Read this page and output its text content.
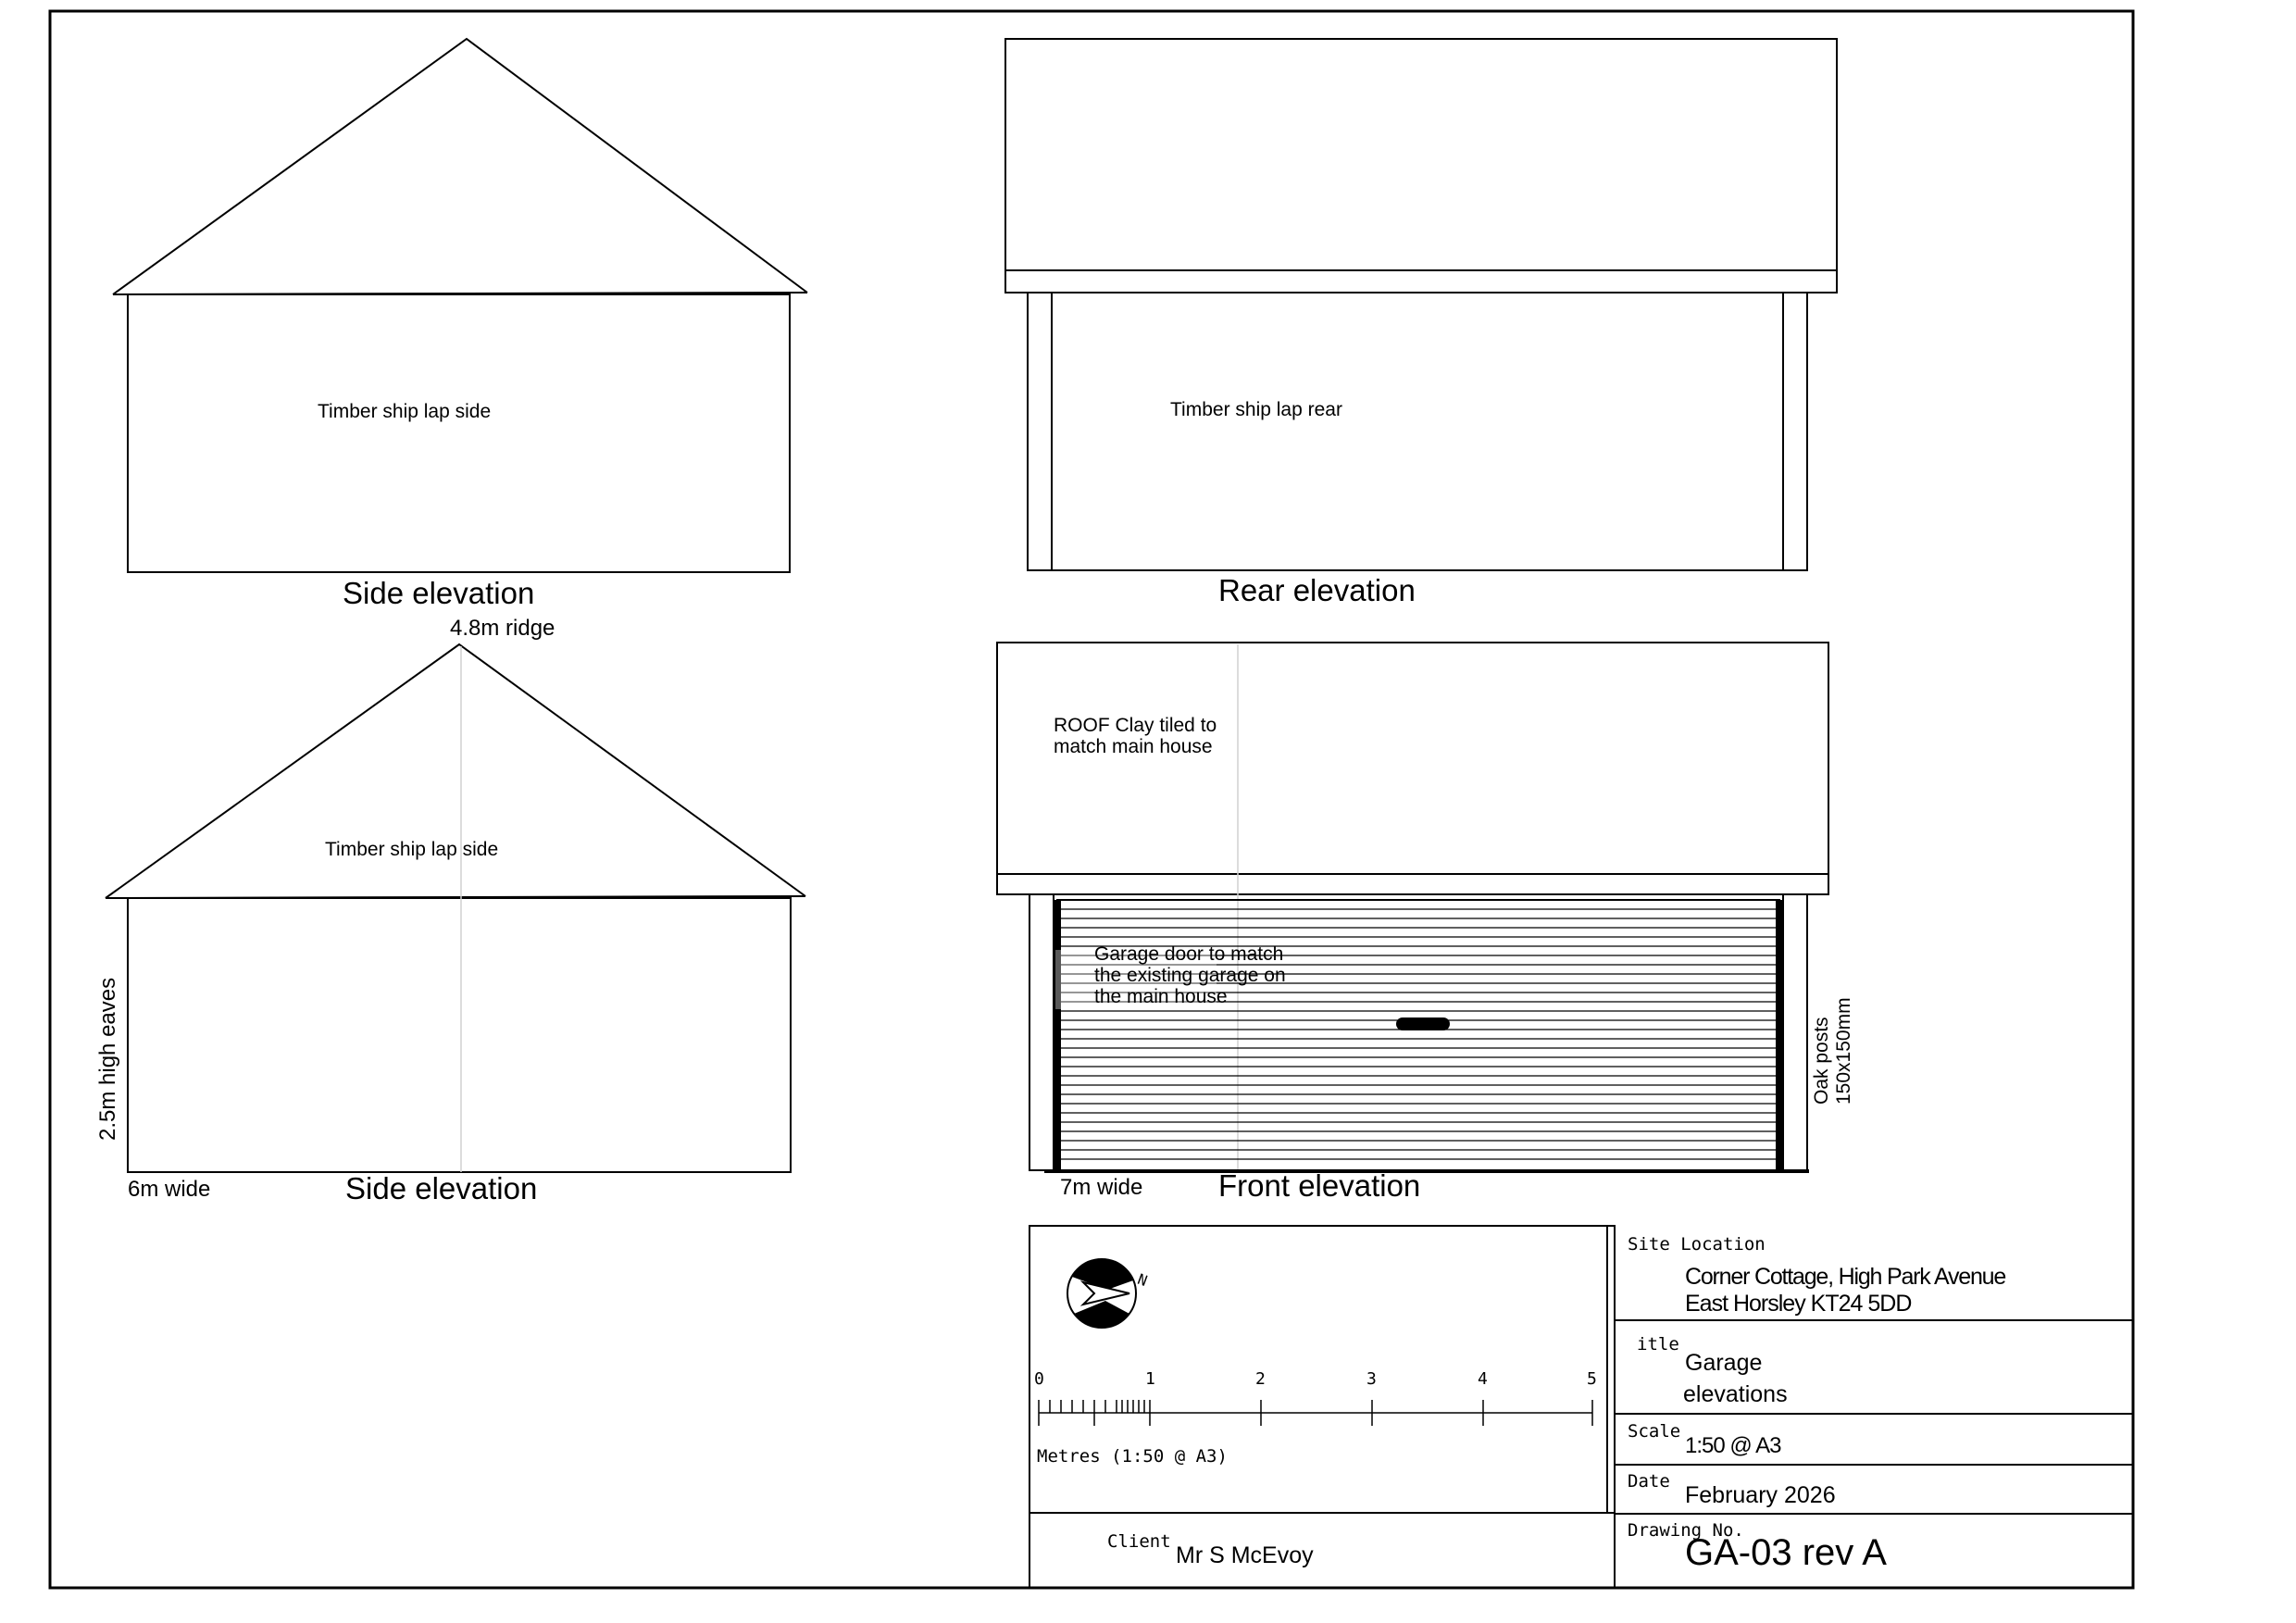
Timber ship lap side
Side elevation
Timber ship lap rear
Rear elevation
4.8m ridge
Timber ship lap side
2.5m high eaves
6m wide	Side elevation
ROOF Clay tiled to
match main house
Garage door to match
the existing garage on
the main house
Oak posts 150x150mm
7m wide Front elevation
N
0	1	2	3	4	5
Metres (1:50 @ A3)
Client
Mr S McEvoy
Site Location
Corner Cottage, High Park Avenue
East Horsley KT24 5DD
itle
Garage
elevations
Scale
1:50 @ A3
Date
February 2026
Drawing No.
GA-03 rev A
